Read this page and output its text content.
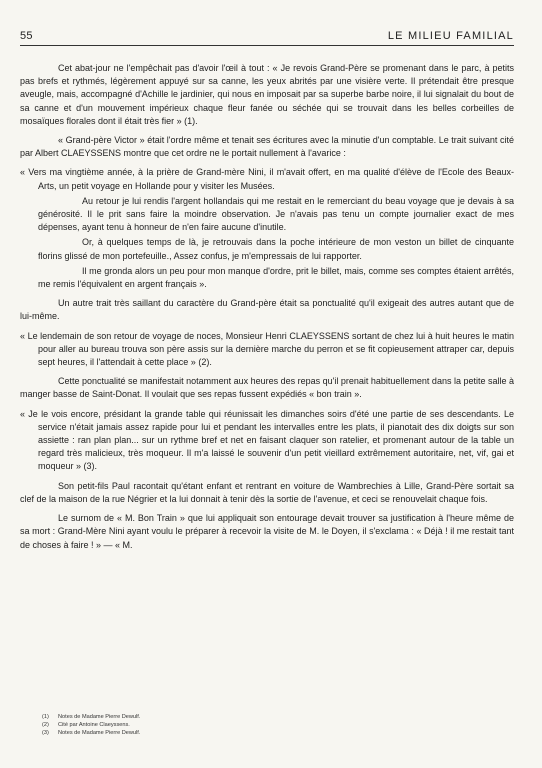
55	LE MILIEU FAMILIAL

Cet abat-jour ne l'empêchait pas d'avoir l'œil à tout : « Je revois Grand-Père se promenant dans le parc, à petits pas brefs et rythmés, légèrement appuyé sur sa canne, les yeux abrités par une visière verte. Il prétendait être presque aveugle, mais, accompagné d'Achille le jardinier, qui nous en imposait par sa superbe barbe noire, il lui signalait du bout de sa canne et d'un mouvement impérieux chaque fleur fanée ou séchée qui se trouvait dans les belles corbeilles de mosaïques florales dont il était très fier » (1).

« Grand-père Victor » était l'ordre même et tenait ses écritures avec la minutie d'un comptable. Le trait suivant cité par Albert CLAEYSSENS montre que cet ordre ne le portait nullement à l'avarice :

« Vers ma vingtième année, à la prière de Grand-mère Nini, il m'avait offert, en ma qualité d'élève de l'Ecole des Beaux-Arts, un petit voyage en Hollande pour y visiter les Musées.

Au retour je lui rendis l'argent hollandais qui me restait en le remerciant du beau voyage que je devais à sa générosité. Il le prit sans faire la moindre observation. Je n'avais pas tenu un compte journalier exact de mes dépenses, ayant tenu à honneur de n'en faire aucune d'inutile.

Or, à quelques temps de là, je retrouvais dans la poche intérieure de mon veston un billet de cinquante florins glissé de mon portefeuille., Assez confus, je m'empressais de lui rapporter.

Il me gronda alors un peu pour mon manque d'ordre, prit le billet, mais, comme ses comptes étaient arrêtés, me remis l'équivalent en argent français ».

Un autre trait très saillant du caractère du Grand-père était sa ponctualité qu'il exigeait des autres autant que de lui-même.

« Le lendemain de son retour de voyage de noces, Monsieur Henri CLAEYSSENS sortant de chez lui à huit heures le matin pour aller au bureau trouva son père assis sur la dernière marche du perron et se fit copieusement attraper car, depuis sept heures, il l'attendait à cette place » (2).

Cette ponctualité se manifestait notamment aux heures des repas qu'il prenait habituellement dans la petite salle à manger basse de Saint-Donat. Il voulait que ses repas fussent expédiés « bon train ».

« Je le vois encore, présidant la grande table qui réunissait les dimanches soirs d'été une partie de ses descendants. Le service n'était jamais assez rapide pour lui et pendant les intervalles entre les plats, il pianotait des dix doigts sur son assiette : ran plan plan... sur un rythme bref et net en faisant claquer son ratelier, et promenant autour de la table un regard très malicieux, très moqueur. Il m'a laissé le souvenir d'un petit vieillard extrêmement autoritaire, net, vif, gai et moqueur » (3).

Son petit-fils Paul racontait qu'étant enfant et rentrant en voiture de Wambrechies à Lille, Grand-Père sortait sa clef de la maison de la rue Négrier et la lui donnait à tenir dès la sortie de l'avenue, et ceci se renouvelait chaque fois.

Le surnom de « M. Bon Train » que lui appliquait son entourage devait trouver sa justification à l'heure même de sa mort : Grand-Mère Nini ayant voulu le préparer à recevoir la visite de M. le Doyen, il s'exclama : « Déjà ! il me restait tant de choses à faire ! » — « M.

(1) Notes de Madame Pierre Dewulf.
(2) Cité par Antoine Claeyssens.
(3) Notes de Madame Pierre Dewulf.
